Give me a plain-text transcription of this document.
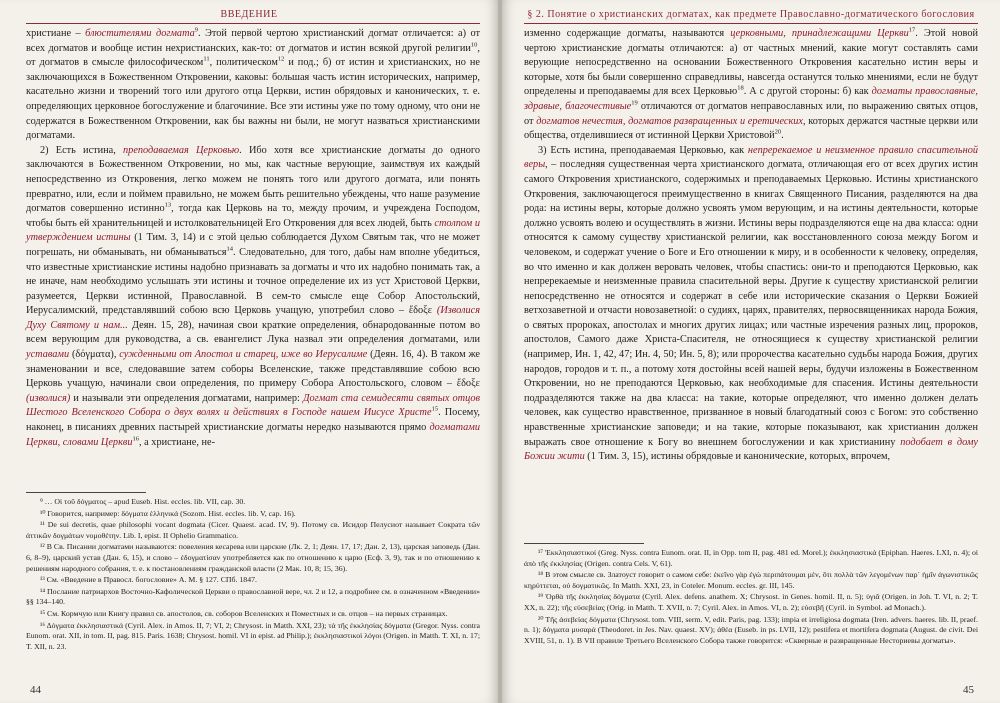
ВВЕДЕНИЕ

христиане – блюстителями догмата$^9$. Этой первой чертою христианский догмат отличается: а) от всех догматов и вообще истин нехристианских, как-то: от догматов и истин всякой другой религии$^{10}$, от догматов в смысле философическом$^{11}$, политическом$^{12}$ и под.; б) от истин и христианских, но не заключающихся в Божественном Откровении, каковы: большая часть истин исторических, например, касательно жизни и творений того или другого отца Церкви, истин обрядовых и канонических, т. е. определяющих церковное богослужение и благочиние. Все эти истины уже по тому одному, что они не содержатся в Божественном Откровении, как бы важны ни были, не могут назваться христианскими догматами.

2) Есть истина, преподаваемая Церковью. Ибо хотя все христианские догматы до одного заключаются в Божественном Откровении, но мы, как частные верующие, заимствуя их каждый непосредственно из Откровения, легко можем не понять того или другого догмата, или понять превратно, или, если и поймем правильно, не можем быть решительно убеждены, что наше разумение догматов совершенно истинно$^{13}$, тогда как Церковь на то, между прочим, и учреждена Господом, чтобы быть ей хранительницей и истолковательницей Его Откровения для всех людей, быть столпом и утверждением истины (1 Тим. 3, 14) и с этой целью соблюдается Духом Святым так, что не может погрешать, ни обманывать, ни обманываться$^{14}$. Следовательно, для того, дабы нам вполне убедиться, что известные христианские истины надобно признавать за догматы и что их надобно понимать так, а не иначе, нам необходимо услышать эти истины и точное определение их из уст Христовой Церкви, разумеется, Церкви истинной, Православной. В сем-то смысле еще Собор Апостольский, Иерусалимский, представлявший собою всю Церковь учащую, употребил слово – ἔδοξε (Изволися Духу Святому и нам... Деян. 15, 28), начиная свои краткие определения, обнародованные потом во всем верующим для руководства, а св. евангелист Лука назвал эти определения догматами, или уставами (δόγματα), сужденными от Апостол и старец, иже во Иерусалиме (Деян. 16, 4). В таком же знаменовании и все, следовавшие затем соборы Вселенские, также представлявшие собою всю Церковь учащую, начинали свои определения, по примеру Собора Апостольского, словом – ἔδοξε (изволися) и называли эти определения догматами, например: Догмат ста семидесяти святых отцов Шестого Вселенского Собора о двух волях и действиях в Господе нашем Иисусе Христе$^{15}$. Посему, наконец, в писаниях древних пастырей христианские догматы нередко называются прямо догматами Церкви, словами Церкви$^{16}$, а христиане, не-

⁹ … Οἱ τοῦ δόγματος – apud Euseb. Hist. eccles. lib. VII, cap. 30.

¹⁰ Говорится, например: δόγματα ἑλληνικά (Sozom. Hist. eccles. lib. V, cap. 16).

¹¹ De sui decretis, quae philosophi vocant dogmata (Cicer. Quaest. acad. IV, 9). Потому св. Исидор Пелусиот называет Сократа τῶν ἀττικῶν δογμάτων νομοθέτην. Lib. I, epist. II Ophelio Grammatico.

¹² В Св. Писании догматами называются: повеления кесарева или царские (Лк. 2, 1; Деян. 17, 17; Дан. 2, 13), царская заповедь (Дан. 6, 8–9), царский устав (Дан. 6, 15), и слово – ἐδογματίσαν употребляется как по отношению к царю (Есф. 3, 9), так и по отношению к решениям народного собрания, т. е. к постановлениям гражданской власти (2 Мак. 10, 8; 15, 36).

¹³ См. «Введение в Правосл. богословие» А. М. § 127. СПб. 1847.

¹⁴ Послание патриархов Восточно-Кафолической Церкви о православной вере, чл. 2 и 12, а подробнее см. в означенном «Введении» §§ 134–140.

¹⁵ См. Кормчую или Книгу правил св. апостолов, св. соборов Вселенских и Поместных и св. отцов – на первых страницах.

¹⁶ Δόγματα ἐκκλησιαστικά (Cyril. Alex. in Amos. II, 7; VI, 2; Chrysost. in Matth. XXI, 23); τὰ τῆς ἐκκλησίας δόγματα (Gregor. Nyss. contra Eunom. orat. XII, in tom. II, pag. 815. Paris. 1638; Chrysost. homil. VI in epist. ad Philip.); ἐκκλησιαστικοὶ λόγοι (Origen. in Matth. T. XI, n. 17; T. XII, n. 23.

44
§ 2. Понятие о христианских догматах, как предмете Православно-догматического богословия

изменно содержащие догматы, называются церковными, принадлежащими Церкви$^{17}$. Этой новой чертою христианские догматы отличаются: а) от частных мнений, какие могут составлять сами верующие непосредственно на основании Божественного Откровения касательно истин веры и которые, хотя бы были совершенно справедливы, навсегда останутся только мнениями, если не будут определены и преподаваемы для всех Церковью$^{18}$. А с другой стороны: б) как догматы православные, здравые, благочестивые$^{19}$ отличаются от догматов неправославных или, по выражению святых отцов, от догматов нечестия, догматов развращенных и еретических, которых держатся частные церкви или общества, отделившиеся от истинной Церкви Христовой$^{20}$.

3) Есть истина, преподаваемая Церковью, как непререкаемое и неизменное правило спасительной веры, – последняя существенная черта христианского догмата, отличающая его от всех других истин самого Откровения христианского, содержимых и преподаваемых Церковью. Истины христианского Откровения, заключающегося преимущественно в книгах Священного Писания, разделяются на два рода: на истины веры, которые должно усвоять умом верующим, и на истины деятельности, которые должно усвоять волею и осуществлять в жизни. Истины веры подразделяются еще на два класса: одни относятся к самому существу христианской религии, как восстановленного союза между Богом и человеком, и содержат учение о Боге и Его отношении к миру, и в особенности к человеку, определяя, во что именно и как должен веровать человек, чтобы спастись: они-то и преподаются Церковью, как непререкаемые и неизменные правила спасительной веры. Другие к существу христианской религии непосредственно не относятся и содержат в себе или исторические сказания о Церкви Божией ветхозаветной и отчасти новозаветной: о судиях, царях, правителях, первосвященниках народа Божия, о святых пророках, апостолах и многих других лицах; или частные изречения разных лиц, пророков, апостолов, Самого даже Христа-Спасителя, не относящиеся к существу христианской религии (например, Ин. 1, 42, 47; Ин. 4, 50; Ин. 5, 8); или пророчества касательно судьбы народа Божия, других народов, городов и т. п., а потому хотя достойны всей нашей веры, будучи изложены в Божественном Откровении, но не преподаются Церковью, как необходимые для спасения. Истины деятельности подразделяются также на два класса: на такие, которые определяют, что именно должен делать человек, как существо нравственное, призванное в новый благодатный союз с Богом: это собственно нравственные христианские заповеди; и на такие, которые показывают, как христианин должен выражать свое отношение к Богу во внешнем богослужении и как христианину подобает в дому Божии жити (1 Тим. 3, 15), истины обрядовые и канонические, которых, впрочем,

¹⁷ Ἐκκλησιαστικοί (Greg. Nyss. contra Eunom. orat. II, in Opp. tom II, pag. 481 ed. Morel.); ἐκκλησιαστικά (Epiphan. Haeres. LXI, n. 4); οἱ ἀπὸ τῆς ἐκκλησίας (Origen. contra Cels. V, 61).

¹⁸ В этом смысле св. Златоуст говорит о самом себе: ἐκεῖνο γὰρ ἐγὼ περιπάτουμαι μὲν, ὅτι πολλὰ τῶν λεγομένων παρ᾽ ἡμῖν ἀγωνιστικῶς κηρύττεται, οὐ δογματικῶς. In Matth. XXI, 23, in Coteler. Monum. eccles. gr. III, 145.

¹⁹ Ὀρθὰ τῆς ἐκκλησίας δόγματα (Cyril. Alex. defens. anathem. X; Chrysost. in Genes. homil. II, n. 5); ὑγιᾶ (Origen. in Joh. T. VI, n. 2; T. XX, n. 22); τῆς εὐσεβείας (Orig. in Matth. T. XVII, n. 7; Cyril. Alex. in Amos. VI, n. 2); εὐσεβῆ (Cyril. in Symbol. ad Monach.).

²⁰ Τῆς ἀσεβείας δόγματα (Chrysost. tom. VIII, serm. V, edit. Paris, pag. 133); impia et irreligiosa dogmata (Iren. advers. haeres. lib. II, praef. n. 1); δόγματα μυσαρά (Theodoret. in Jes. Nav. quaest. XV); ἀθέα (Euseb. in ps. LVII, 12); pestifera et mortifera dogmata (August. de civit. Dei XVIII, 51, n. 1). В VII правиле Третьего Вселенского Собора также говорится: «Скверные и развращенные Несториевы догматы».

45
